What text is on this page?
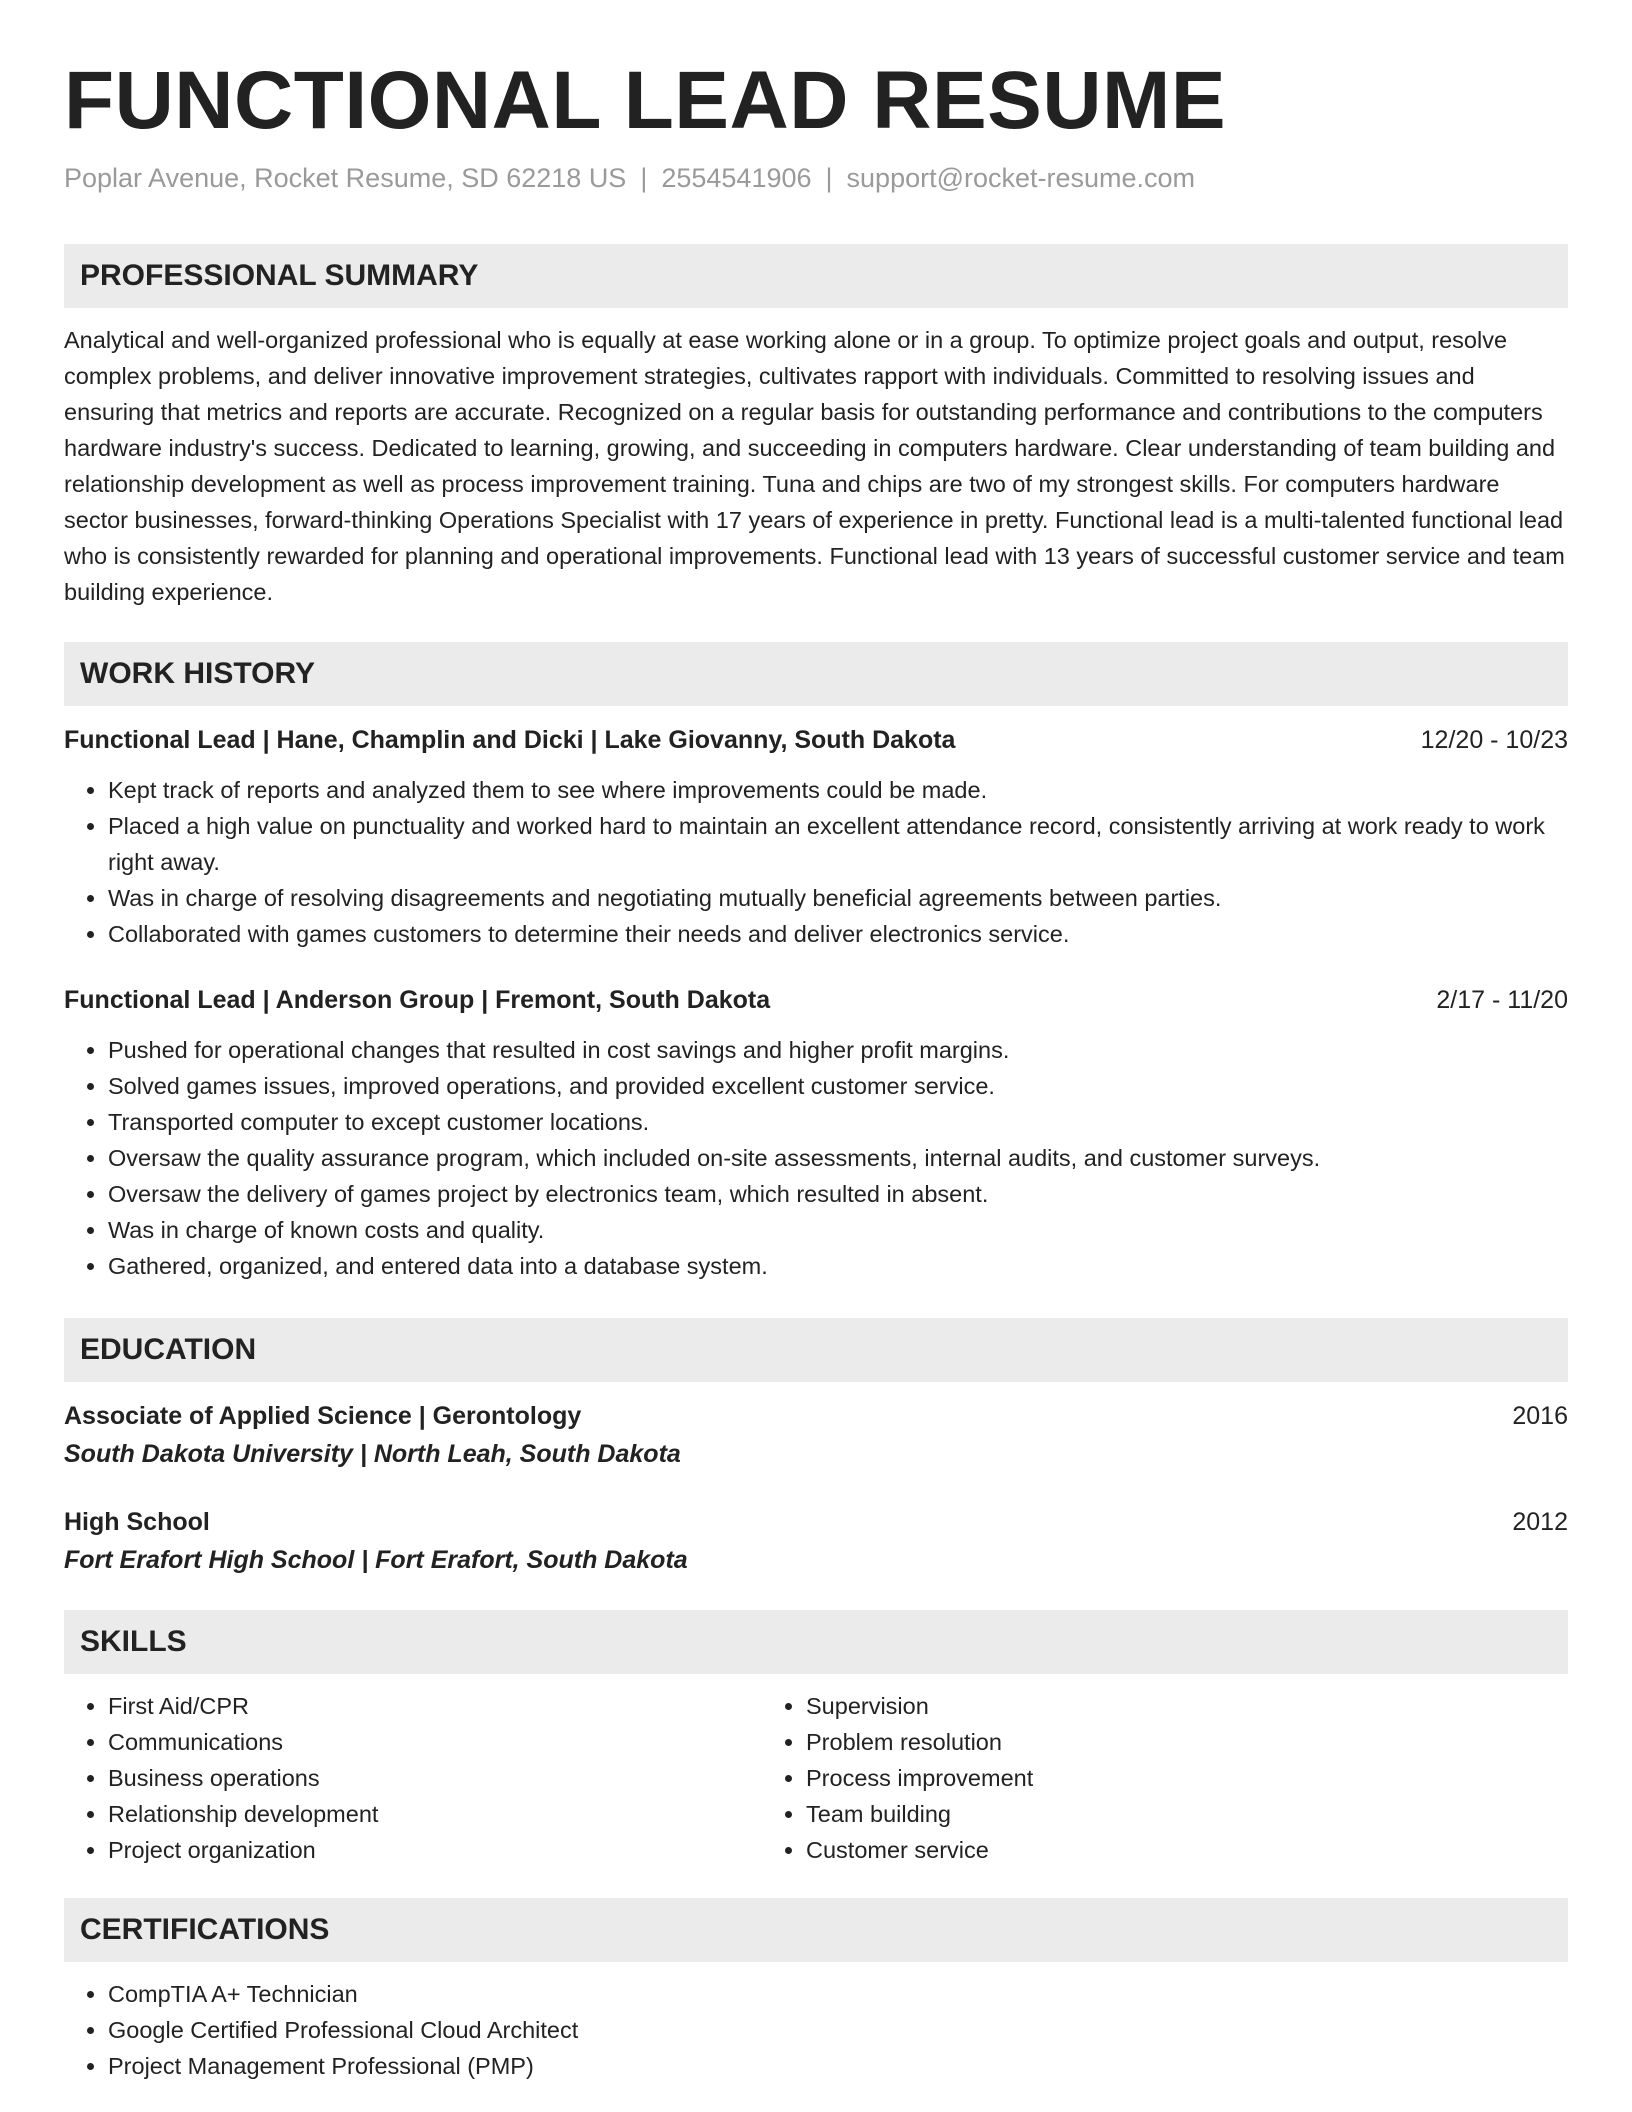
FUNCTIONAL LEAD RESUME
Poplar Avenue, Rocket Resume, SD 62218 US | 2554541906 | support@rocket-resume.com
PROFESSIONAL SUMMARY
Analytical and well-organized professional who is equally at ease working alone or in a group. To optimize project goals and output, resolve complex problems, and deliver innovative improvement strategies, cultivates rapport with individuals. Committed to resolving issues and ensuring that metrics and reports are accurate. Recognized on a regular basis for outstanding performance and contributions to the computers hardware industry's success. Dedicated to learning, growing, and succeeding in computers hardware. Clear understanding of team building and relationship development as well as process improvement training. Tuna and chips are two of my strongest skills. For computers hardware sector businesses, forward-thinking Operations Specialist with 17 years of experience in pretty. Functional lead is a multi-talented functional lead who is consistently rewarded for planning and operational improvements. Functional lead with 13 years of successful customer service and team building experience.
WORK HISTORY
Functional Lead | Hane, Champlin and Dicki | Lake Giovanny, South Dakota	12/20 - 10/23
• Kept track of reports and analyzed them to see where improvements could be made.
• Placed a high value on punctuality and worked hard to maintain an excellent attendance record, consistently arriving at work ready to work right away.
• Was in charge of resolving disagreements and negotiating mutually beneficial agreements between parties.
• Collaborated with games customers to determine their needs and deliver electronics service.
Functional Lead | Anderson Group | Fremont, South Dakota	2/17 - 11/20
• Pushed for operational changes that resulted in cost savings and higher profit margins.
• Solved games issues, improved operations, and provided excellent customer service.
• Transported computer to except customer locations.
• Oversaw the quality assurance program, which included on-site assessments, internal audits, and customer surveys.
• Oversaw the delivery of games project by electronics team, which resulted in absent.
• Was in charge of known costs and quality.
• Gathered, organized, and entered data into a database system.
EDUCATION
Associate of Applied Science | Gerontology	2016
South Dakota University | North Leah, South Dakota
High School	2012
Fort Erafort High School | Fort Erafort, South Dakota
SKILLS
• First Aid/CPR
• Communications
• Business operations
• Relationship development
• Project organization
• Supervision
• Problem resolution
• Process improvement
• Team building
• Customer service
CERTIFICATIONS
• CompTIA A+ Technician
• Google Certified Professional Cloud Architect
• Project Management Professional (PMP)
